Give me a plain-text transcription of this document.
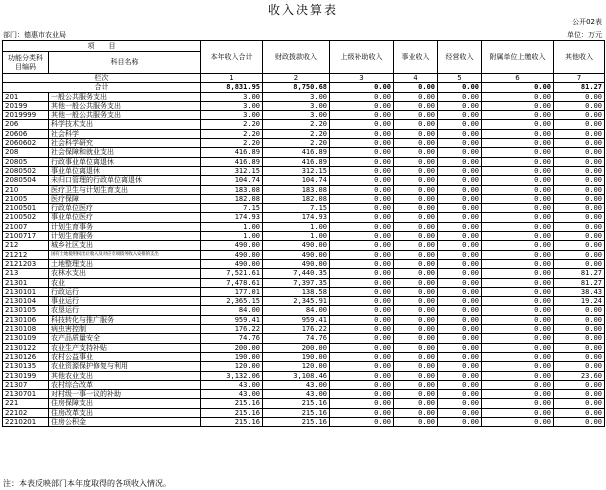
收入决算表
公开02表
部门：德惠市农业局	单位：万元
项　　目		本年收入合计	财政拨款收入	上级补助收入	事业收入	经营收入	附属单位上缴收入	其他收入
功能分类科目编码	科目名称							
栏次		1	2	3	4	5	6	7
合计		8,831.95	8,750.68	0.00	0.00	0.00	0.00	81.27
201	一般公共服务支出	3.00	3.00	0.00	0.00	0.00	0.00	0.00
20199	其他一般公共服务支出	3.00	3.00	0.00	0.00	0.00	0.00	0.00
2019999	其他一般公共服务支出	3.00	3.00	0.00	0.00	0.00	0.00	0.00
206	科学技术支出	2.20	2.20	0.00	0.00	0.00	0.00	0.00
20606	社会科学	2.20	2.20	0.00	0.00	0.00	0.00	0.00
2060602	社会科学研究	2.20	2.20	0.00	0.00	0.00	0.00	0.00
208	社会保障和就业支出	416.89	416.89	0.00	0.00	0.00	0.00	0.00
20805	行政事业单位离退休	416.89	416.89	0.00	0.00	0.00	0.00	0.00
2080502	事业单位离退休	312.15	312.15	0.00	0.00	0.00	0.00	0.00
2080504	未归口管理的行政单位离退休	104.74	104.74	0.00	0.00	0.00	0.00	0.00
210	医疗卫生与计划生育支出	183.08	183.08	0.00	0.00	0.00	0.00	0.00
21005	医疗保障	182.08	182.08	0.00	0.00	0.00	0.00	0.00
2100501	行政单位医疗	7.15	7.15	0.00	0.00	0.00	0.00	0.00
2100502	事业单位医疗	174.93	174.93	0.00	0.00	0.00	0.00	0.00
21007	计划生育事务	1.00	1.00	0.00	0.00	0.00	0.00	0.00
2100717	计划生育服务	1.00	1.00	0.00	0.00	0.00	0.00	0.00
212	城乡社区支出	490.00	490.00	0.00	0.00	0.00	0.00	0.00
21212	国有土地使用权出让收入及对应专项债务收入安排的支出	490.00	490.00	0.00	0.00	0.00	0.00	0.00
2121203	土地整理支出	490.00	490.00	0.00	0.00	0.00	0.00	0.00
213	农林水支出	7,521.61	7,440.35	0.00	0.00	0.00	0.00	81.27
21301	农业	7,478.61	7,397.35	0.00	0.00	0.00	0.00	81.27
2130101	行政运行	177.01	138.58	0.00	0.00	0.00	0.00	38.43
2130104	事业运行	2,365.15	2,345.91	0.00	0.00	0.00	0.00	19.24
2130105	农垦运行	84.00	84.00	0.00	0.00	0.00	0.00	0.00
2130106	科技转化与推广服务	959.41	959.41	0.00	0.00	0.00	0.00	0.00
2130108	病虫害控制	176.22	176.22	0.00	0.00	0.00	0.00	0.00
2130109	农产品质量安全	74.76	74.76	0.00	0.00	0.00	0.00	0.00
2130122	农业生产支持补贴	200.00	200.00	0.00	0.00	0.00	0.00	0.00
2130126	农村公益事业	190.00	190.00	0.00	0.00	0.00	0.00	0.00
2130135	农业资源保护修复与利用	120.00	120.00	0.00	0.00	0.00	0.00	0.00
2130199	其他农业支出	3,132.06	3,108.46	0.00	0.00	0.00	0.00	23.60
21307	农村综合改革	43.00	43.00	0.00	0.00	0.00	0.00	0.00
2130701	对村级一事一议的补助	43.00	43.00	0.00	0.00	0.00	0.00	0.00
221	住房保障支出	215.16	215.16	0.00	0.00	0.00	0.00	0.00
22102	住房改革支出	215.16	215.16	0.00	0.00	0.00	0.00	0.00
2210201	住房公积金	215.16	215.16	0.00	0.00	0.00	0.00	0.00
注：本表反映部门本年度取得的各项收入情况。
